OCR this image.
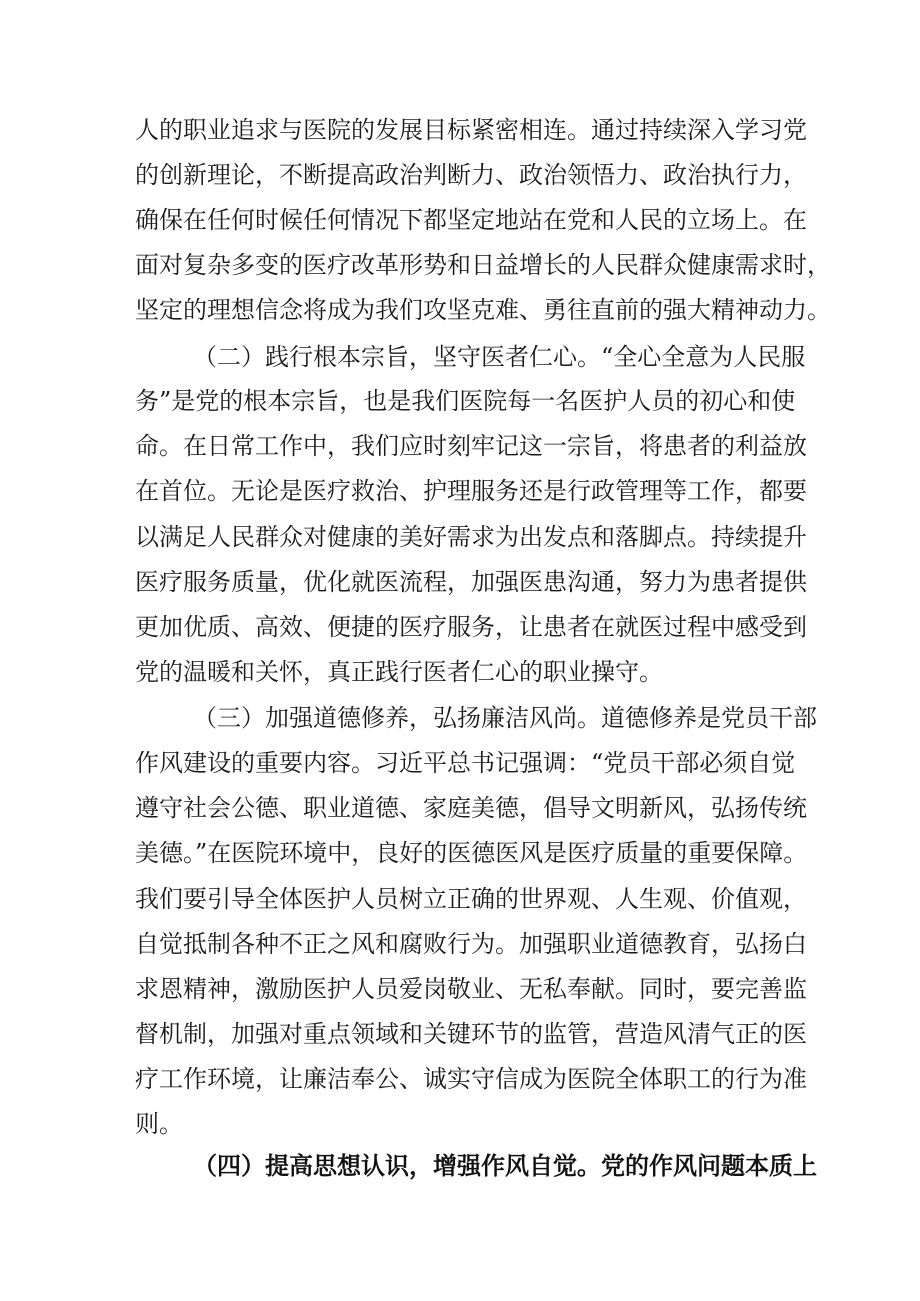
人的职业追求与医院的发展目标紧密相连。通过持续深入学习党
的创新理论，不断提高政治判断力、政治领悟力、政治执行力，
确保在任何时候任何情况下都坚定地站在党和人民的立场上。在
面对复杂多变的医疗改革形势和日益增长的人民群众健康需求时，
坚定的理想信念将成为我们攻坚克难、勇往直前的强大精神动力。
（二）践行根本宗旨，坚守医者仁心。“全心全意为人民服
务”是党的根本宗旨，也是我们医院每一名医护人员的初心和使
命。在日常工作中，我们应时刻牢记这一宗旨，将患者的利益放
在首位。无论是医疗救治、护理服务还是行政管理等工作，都要
以满足人民群众对健康的美好需求为出发点和落脚点。持续提升
医疗服务质量，优化就医流程，加强医患沟通，努力为患者提供
更加优质、高效、便捷的医疗服务，让患者在就医过程中感受到
党的温暖和关怀，真正践行医者仁心的职业操守。
（三）加强道德修养，弘扬廉洁风尚。道德修养是党员干部
作风建设的重要内容。习近平总书记强调：“党员干部必须自觉
遵守社会公德、职业道德、家庭美德，倡导文明新风，弘扬传统
美德。”在医院环境中，良好的医德医风是医疗质量的重要保障。
我们要引导全体医护人员树立正确的世界观、人生观、价值观，
自觉抵制各种不正之风和腐败行为。加强职业道德教育，弘扬白
求恩精神，激励医护人员爱岗敬业、无私奉献。同时，要完善监
督机制，加强对重点领域和关键环节的监管，营造风清气正的医
疗工作环境，让廉洁奉公、诚实守信成为医院全体职工的行为准
则。
（四）提高思想认识，增强作风自觉。党的作风问题本质上
